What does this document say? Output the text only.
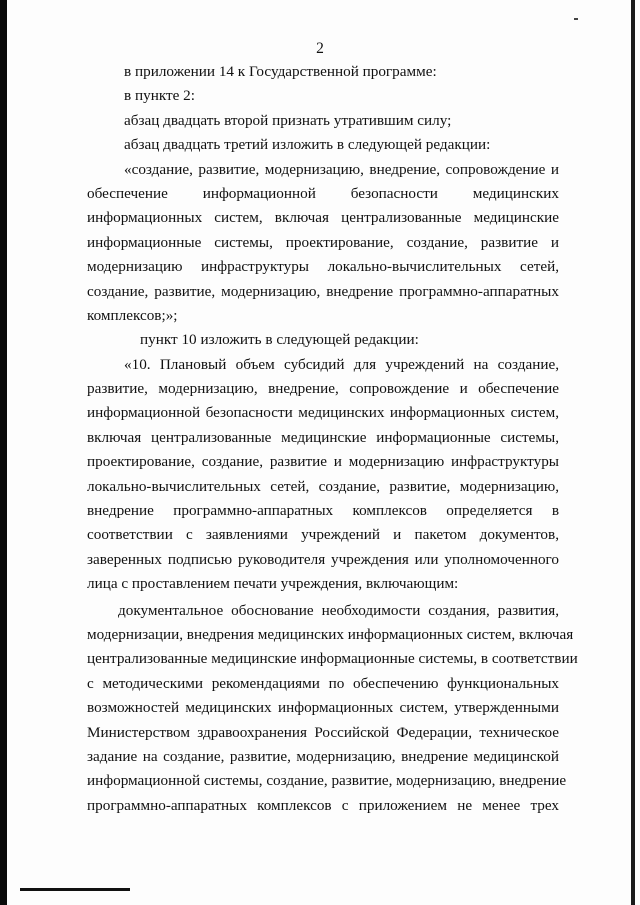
2
в приложении 14 к Государственной программе:
в пункте 2:
абзац двадцать второй признать утратившим силу;
абзац двадцать третий изложить в следующей редакции:
«создание, развитие, модернизацию, внедрение, сопровождение и
обеспечение информационной безопасности медицинских
информационных систем, включая централизованные медицинские
информационные системы, проектирование, создание, развитие и
модернизацию инфраструктуры локально-вычислительных сетей,
создание, развитие, модернизацию, внедрение программно-аппаратных
комплексов;»;
пункт 10 изложить в следующей редакции:
«10. Плановый объем субсидий для учреждений на создание,
развитие, модернизацию, внедрение, сопровождение и обеспечение
информационной безопасности медицинских информационных систем,
включая централизованные медицинские информационные системы,
проектирование, создание, развитие и модернизацию инфраструктуры
локально-вычислительных сетей, создание, развитие, модернизацию,
внедрение программно-аппаратных комплексов определяется в
соответствии с заявлениями учреждений и пакетом документов,
заверенных подписью руководителя учреждения или уполномоченного
лица с проставлением печати учреждения, включающим:
документальное обоснование необходимости создания, развития,
модернизации, внедрения медицинских информационных систем, включая
централизованные медицинские информационные системы, в соответствии
с методическими рекомендациями по обеспечению функциональных
возможностей медицинских информационных систем, утвержденными
Министерством здравоохранения Российской Федерации, техническое
задание на создание, развитие, модернизацию, внедрение медицинской
информационной системы, создание, развитие, модернизацию, внедрение
программно-аппаратных комплексов с приложением не менее трех
